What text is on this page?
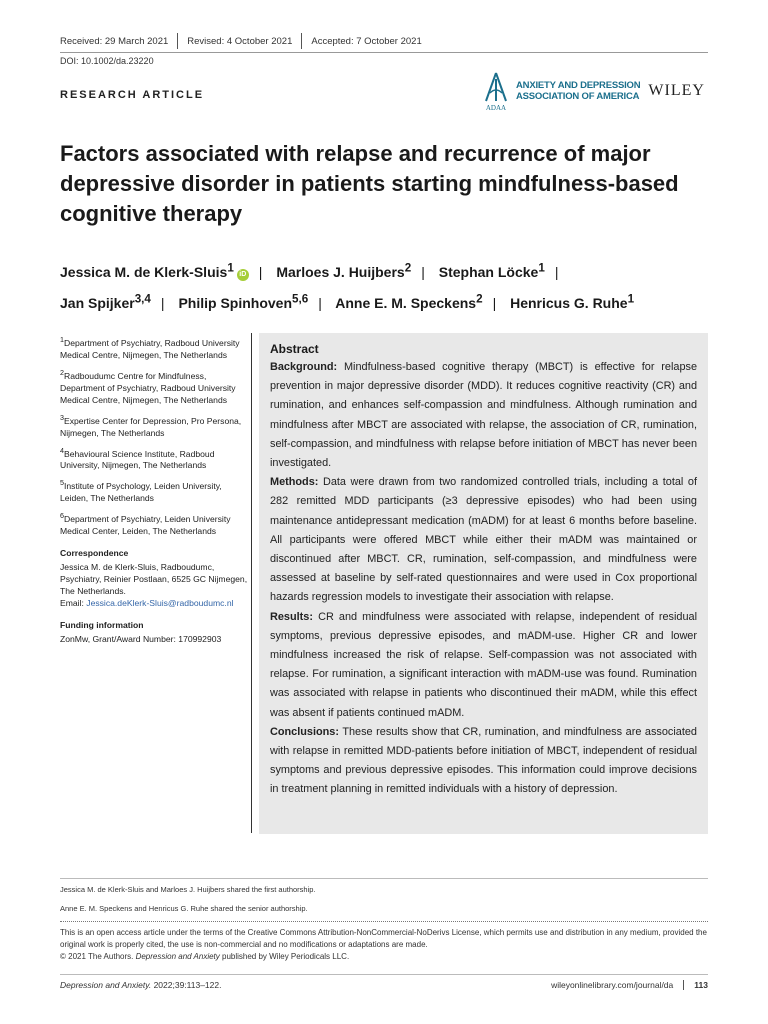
Received: 29 March 2021	Revised: 4 October 2021	Accepted: 7 October 2021
DOI: 10.1002/da.23220
RESEARCH ARTICLE
ADAA
ANXIETY AND DEPRESSION
ASSOCIATION OF AMERICA WILEY
Factors associated with relapse and recurrence of major depressive disorder in patients starting mindfulness-based cognitive therapy
Jessica M. de Klerk-Sluis$^1$iD | Marloes J. Huijbers$^2$ | Stephan Löcke$^1$ |
Jan Spijker$^{3,4}$ | Philip Spinhoven$^{5,6}$ | Anne E. M. Speckens$^2$ | Henricus G. Ruhe$^1$

$^1$Department of Psychiatry, Radboud University Medical Centre, Nijmegen, The Netherlands

$^2$Radboudumc Centre for Mindfulness, Department of Psychiatry, Radboud University Medical Centre, Nijmegen, The Netherlands

$^3$Expertise Center for Depression, Pro Persona, Nijmegen, The Netherlands

$^4$Behavioural Science Institute, Radboud University, Nijmegen, The Netherlands

$^5$Institute of Psychology, Leiden University, Leiden, The Netherlands

$^6$Department of Psychiatry, Leiden University Medical Center, Leiden, The Netherlands

Correspondence

Jessica M. de Klerk-Sluis, Radboudumc, Psychiatry, Reinier Postlaan, 6525 GC Nijmegen, The Netherlands.
Email: Jessica.deKlerk-Sluis@radboudumc.nl

Funding information

ZonMw, Grant/Award Number: 170992903

Abstract

Background: Mindfulness-based cognitive therapy (MBCT) is effective for relapse prevention in major depressive disorder (MDD). It reduces cognitive reactivity (CR) and rumination, and enhances self-compassion and mindfulness. Although rumination and mindfulness after MBCT are associated with relapse, the association of CR, rumination, self-compassion, and mindfulness with relapse before initiation of MBCT has never been investigated.

Methods: Data were drawn from two randomized controlled trials, including a total of 282 remitted MDD participants (≥3 depressive episodes) who had been using maintenance antidepressant medication (mADM) for at least 6 months before baseline. All participants were offered MBCT while either their mADM was maintained or discontinued after MBCT. CR, rumination, self-compassion, and mindfulness were assessed at baseline by self-rated questionnaires and were used in Cox proportional hazards regression models to investigate their association with relapse.

Results: CR and mindfulness were associated with relapse, independent of residual symptoms, previous depressive episodes, and mADM-use. Higher CR and lower mindfulness increased the risk of relapse. Self-compassion was not associated with relapse. For rumination, a significant interaction with mADM-use was found. Rumination was associated with relapse in patients who discontinued their mADM, while this effect was absent if patients continued mADM.

Conclusions: These results show that CR, rumination, and mindfulness are associated with relapse in remitted MDD-patients before initiation of MBCT, independent of residual symptoms and previous depressive episodes. This information could improve decisions in treatment planning in remitted individuals with a history of depression.

Jessica M. de Klerk-Sluis and Marloes J. Huijbers shared the first authorship.
Anne E. M. Speckens and Henricus G. Ruhe shared the senior authorship.
This is an open access article under the terms of the Creative Commons Attribution-NonCommercial-NoDerivs License, which permits use and distribution in any medium, provided the original work is properly cited, the use is non-commercial and no modifications or adaptations are made.
© 2021 The Authors. Depression and Anxiety published by Wiley Periodicals LLC.
Depression and Anxiety. 2022;39:113–122.	wileyonlinelibrary.com/journal/da	113
